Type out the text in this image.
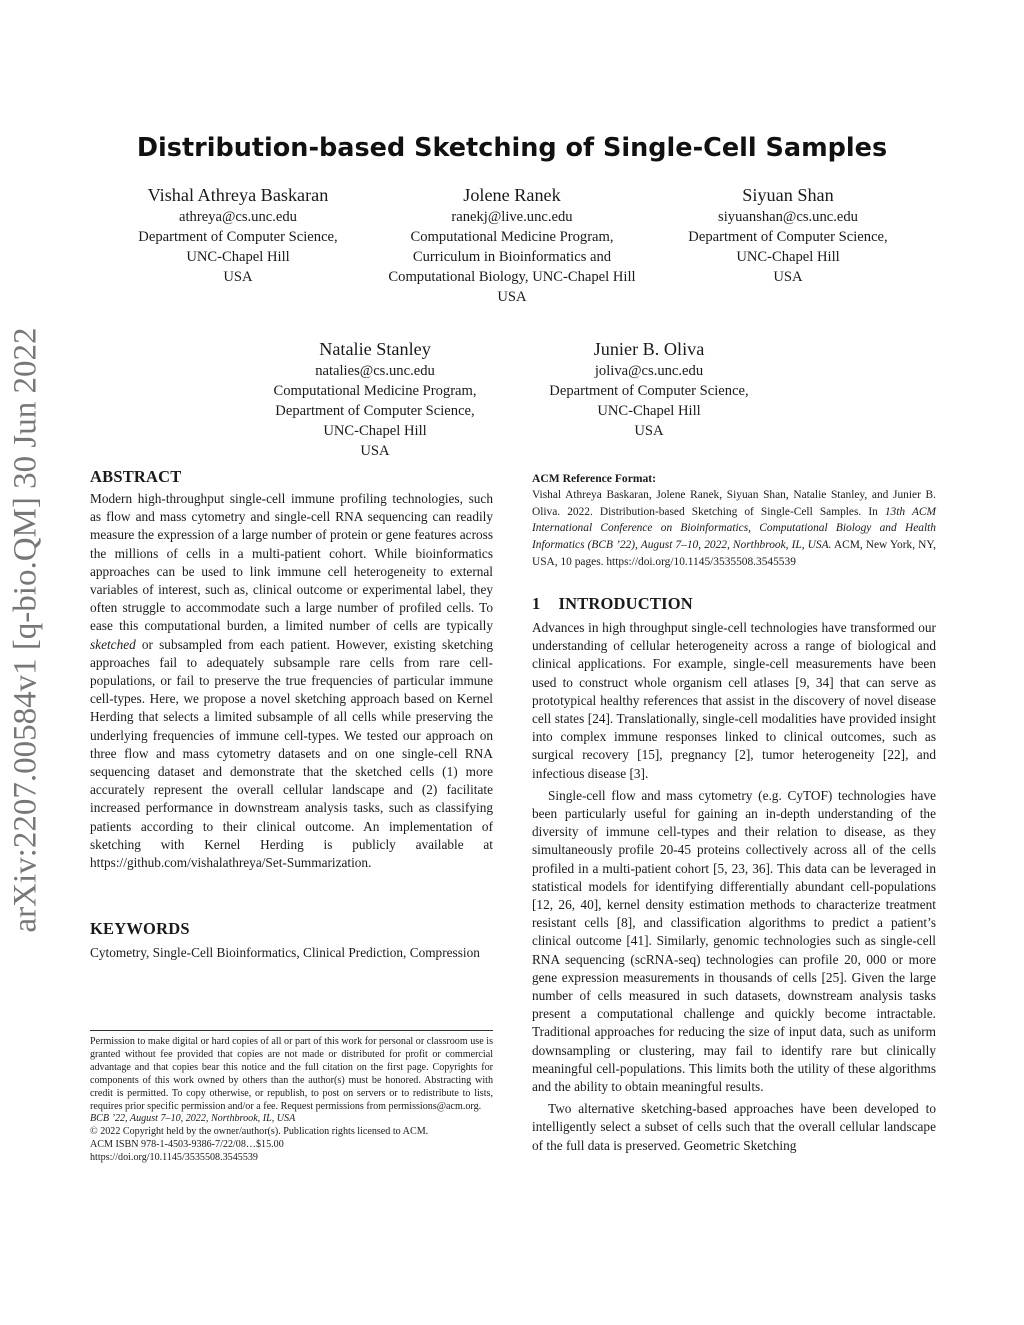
arXiv:2207.00584v1 [q-bio.QM] 30 Jun 2022
Distribution-based Sketching of Single-Cell Samples
Vishal Athreya Baskaran
athreya@cs.unc.edu
Department of Computer Science,
UNC-Chapel Hill
USA
Jolene Ranek
ranekj@live.unc.edu
Computational Medicine Program, Curriculum in Bioinformatics and Computational Biology, UNC-Chapel Hill
USA
Siyuan Shan
siyuanshan@cs.unc.edu
Department of Computer Science,
UNC-Chapel Hill
USA
Natalie Stanley
natalies@cs.unc.edu
Computational Medicine Program,
Department of Computer Science,
UNC-Chapel Hill
USA
Junier B. Oliva
joliva@cs.unc.edu
Department of Computer Science,
UNC-Chapel Hill
USA
ABSTRACT

Modern high-throughput single-cell immune profiling technologies, such as flow and mass cytometry and single-cell RNA sequencing can readily measure the expression of a large number of protein or gene features across the millions of cells in a multi-patient cohort. While bioinformatics approaches can be used to link immune cell heterogeneity to external variables of interest, such as, clinical outcome or experimental label, they often struggle to accommodate such a large number of profiled cells. To ease this computational burden, a limited number of cells are typically sketched or subsampled from each patient. However, existing sketching approaches fail to adequately subsample rare cells from rare cell-populations, or fail to preserve the true frequencies of particular immune cell-types. Here, we propose a novel sketching approach based on Kernel Herding that selects a limited subsample of all cells while preserving the underlying frequencies of immune cell-types. We tested our approach on three flow and mass cytometry datasets and on one single-cell RNA sequencing dataset and demonstrate that the sketched cells (1) more accurately represent the overall cellular landscape and (2) facilitate increased performance in downstream analysis tasks, such as classifying patients according to their clinical outcome. An implementation of sketching with Kernel Herding is publicly available at https://github.com/vishalathreya/Set-Summarization.

KEYWORDS

Cytometry, Single-Cell Bioinformatics, Clinical Prediction, Compression

Permission to make digital or hard copies of all or part of this work for personal or classroom use is granted without fee provided that copies are not made or distributed for profit or commercial advantage and that copies bear this notice and the full citation on the first page. Copyrights for components of this work owned by others than the author(s) must be honored. Abstracting with credit is permitted. To copy otherwise, or republish, to post on servers or to redistribute to lists, requires prior specific permission and/or a fee. Request permissions from permissions@acm.org.

BCB ’22, August 7–10, 2022, Northbrook, IL, USA

© 2022 Copyright held by the owner/author(s). Publication rights licensed to ACM.

ACM ISBN 978-1-4503-9386-7/22/08…$15.00

https://doi.org/10.1145/3535508.3545539

ACM Reference Format:

Vishal Athreya Baskaran, Jolene Ranek, Siyuan Shan, Natalie Stanley, and Junier B. Oliva. 2022. Distribution-based Sketching of Single-Cell Samples. In 13th ACM International Conference on Bioinformatics, Computational Biology and Health Informatics (BCB ’22), August 7–10, 2022, Northbrook, IL, USA. ACM, New York, NY, USA, 10 pages. https://doi.org/10.1145/3535508.3545539

1 INTRODUCTION

Advances in high throughput single-cell technologies have transformed our understanding of cellular heterogeneity across a range of biological and clinical applications. For example, single-cell measurements have been used to construct whole organism cell atlases [9, 34] that can serve as prototypical healthy references that assist in the discovery of novel disease cell states [24]. Translationally, single-cell modalities have provided insight into complex immune responses linked to clinical outcomes, such as surgical recovery [15], pregnancy [2], tumor heterogeneity [22], and infectious disease [3].

Single-cell flow and mass cytometry (e.g. CyTOF) technologies have been particularly useful for gaining an in-depth understanding of the diversity of immune cell-types and their relation to disease, as they simultaneously profile 20-45 proteins collectively across all of the cells profiled in a multi-patient cohort [5, 23, 36]. This data can be leveraged in statistical models for identifying differentially abundant cell-populations [12, 26, 40], kernel density estimation methods to characterize treatment resistant cells [8], and classification algorithms to predict a patient’s clinical outcome [41]. Similarly, genomic technologies such as single-cell RNA sequencing (scRNA-seq) technologies can profile 20, 000 or more gene expression measurements in thousands of cells [25]. Given the large number of cells measured in such datasets, downstream analysis tasks present a computational challenge and quickly become intractable. Traditional approaches for reducing the size of input data, such as uniform downsampling or clustering, may fail to identify rare but clinically meaningful cell-populations. This limits both the utility of these algorithms and the ability to obtain meaningful results.

Two alternative sketching-based approaches have been developed to intelligently select a subset of cells such that the overall cellular landscape of the full data is preserved. Geometric Sketching
